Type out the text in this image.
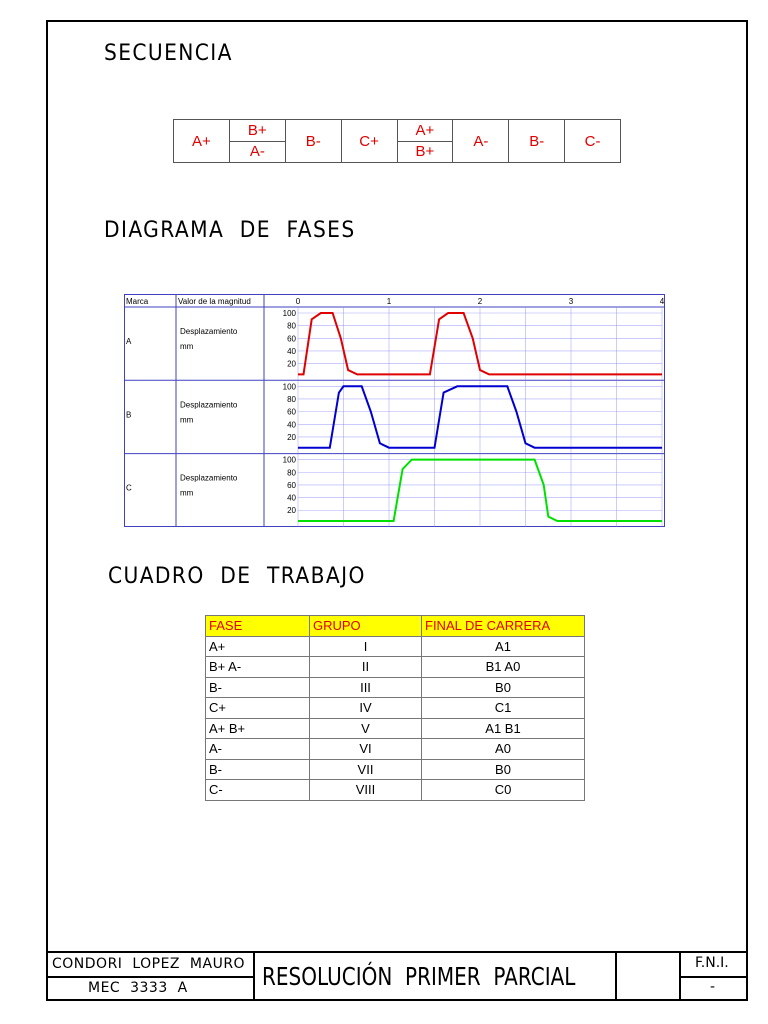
SECUENCIA
$A+ \frac{B+}{A-} B-$	$C+ \frac{A+}{B+} A-$	B-	C-
DIAGRAMA  DE  FASES
Marca	Valor de la magnitud	0	1	2	3	4
100
80
60
40
20
A
Desplazamiento
mm
100
80
60
40
20
B
Desplazamiento
mm
100
80
60
40
20
C
Desplazamiento
mm
CUADRO  DE  TRABAJO
FASE	GRUPO	FINAL DE CARRERA
A+	I	A1
B+ A-	II	B1 A0
B-	III	B0
C+	IV	C1
A+ B+	V	A1 B1
A-	VI	A0
B-	VII	B0
C-	VIII	C0
CONDORI  LOPEZ  MAURO
MEC  3333  A	RESOLUCIÓN  PRIMER  PARCIAL	F.N.I.
-
